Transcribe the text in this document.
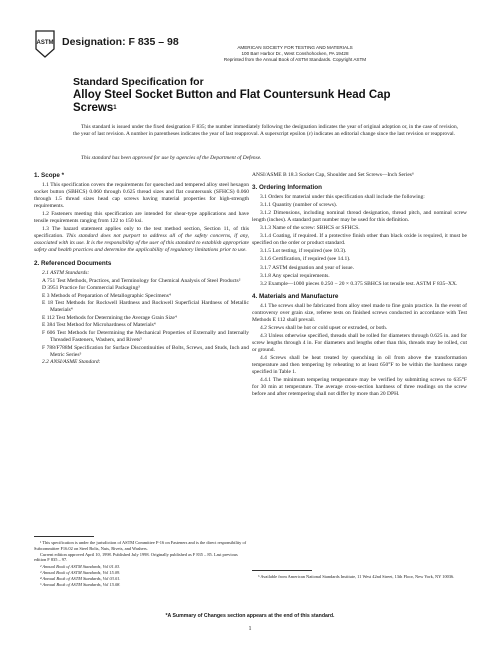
ASTM Designation: F 835 – 98	AMERICAN SOCIETY FOR TESTING AND MATERIALS
100 Barr Harbor Dr., West Conshohocken, PA 19428
Reprinted from the Annual Book of ASTM Standards. Copyright ASTM
Standard Specification for
Alloy Steel Socket Button and Flat Countersunk Head Cap
Screws$^1$
This standard is issued under the fixed designation F 835; the number immediately following the designation indicates the year of original adoption or, in the case of revision, the year of last revision. A number in parentheses indicates the year of last reapproval. A superscript epsilon (ε) indicates an editorial change since the last revision or reapproval.
This standard has been approved for use by agencies of the Department of Defense.
1. Scope *
1.1 This specification covers the requirements for quenched and tempered alloy steel hexagon socket button (SBHCS) 0.060 through 0.625 thread sizes and flat countersunk (SFHCS) 0.060 through 1.5 thread sizes head cap screws having material properties for high-strength requirements.
1.2 Fasteners meeting this specification are intended for shear-type applications and have tensile requirements ranging from 122 to 150 ksi.
1.3 The hazard statement applies only to the test method section, Section 11, of this specification. This standard does not purport to address all of the safety concerns, if any, associated with its use. It is the responsibility of the user of this standard to establish appropriate safety and health practices and determine the applicability of regulatory limitations prior to use.
2. Referenced Documents
2.1 ASTM Standards:
A 751 Test Methods, Practices, and Terminology for Chemical Analysis of Steel Products²
D 3951 Practice for Commercial Packaging³
E 3 Methods of Preparation of Metallographic Specimens⁴
E 18 Test Methods for Rockwell Hardness and Rockwell Superficial Hardness of Metallic Materials⁴
E 112 Test Methods for Determining the Average Grain Size⁴
E 384 Test Method for Microhardness of Materials⁴
F 606 Test Methods for Determining the Mechanical Properties of Externally and Internally Threaded Fasteners, Washers, and Rivets⁵
F 788/F788M Specification for Surface Discontinuities of Bolts, Screws, and Studs, Inch and Metric Series⁵
2.2 ANSI/ASME Standard:
¹ This specification is under the jurisdiction of ASTM Committee F-16 on Fasteners and is the direct responsibility of Subcommittee F16.02 on Steel Bolts, Nuts, Rivets, and Washers.
Current edition approved April 10, 1998. Published July 1998. Originally published as F 835 – 85. Last previous edition F 835 – 97.
² Annual Book of ASTM Standards, Vol 01.03.
³ Annual Book of ASTM Standards, Vol 15.09.
⁴ Annual Book of ASTM Standards, Vol 03.01.
⁵ Annual Book of ASTM Standards, Vol 15.08.
ANSI/ASME B 18.3 Socket Cap, Shoulder and Set Screws—Inch Series⁶
3. Ordering Information
3.1 Orders for material under this specification shall include the following:
3.1.1 Quantity (number of screws).
3.1.2 Dimensions, including nominal thread designation, thread pitch, and nominal screw length (inches). A standard part number may be used for this definition.
3.1.3 Name of the screw: SBHCS or SFHCS.
3.1.4 Coating, if required. If a protective finish other than black oxide is required, it must be specified on the order or product standard.
3.1.5 Lot testing, if required (see 10.3).
3.1.6 Certification, if required (see 14.1).
3.1.7 ASTM designation and year of issue.
3.1.8 Any special requirements.
3.2 Example—1000 pieces 0.250 − 20 × 0.375 SBHCS lot tensile test. ASTM F 835–XX.
4. Materials and Manufacture
4.1 The screws shall be fabricated from alloy steel made to fine grain practice. In the event of controversy over grain size, referee tests on finished screws conducted in accordance with Test Methods E 112 shall prevail.
4.2 Screws shall be hot or cold upset or extruded, or both.
4.3 Unless otherwise specified, threads shall be rolled for diameters through 0.625 in. and for screw lengths through 4 in. For diameters and lengths other than this, threads may be rolled, cut or ground.
4.4 Screws shall be heat treated by quenching in oil from above the transformation temperature and then tempering by reheating to at least 650°F to be within the hardness range specified in Table 1.
4.4.1 The minimum tempering temperature may be verified by submitting screws to 635°F for 30 min at temperature. The average cross-section hardness of three readings on the screw before and after retempering shall not differ by more than 20 DPH.
⁶ Available from American National Standards Institute, 11 West 42nd Street, 13th Floor, New York, NY 10036.
*A Summary of Changes section appears at the end of this standard.
1
